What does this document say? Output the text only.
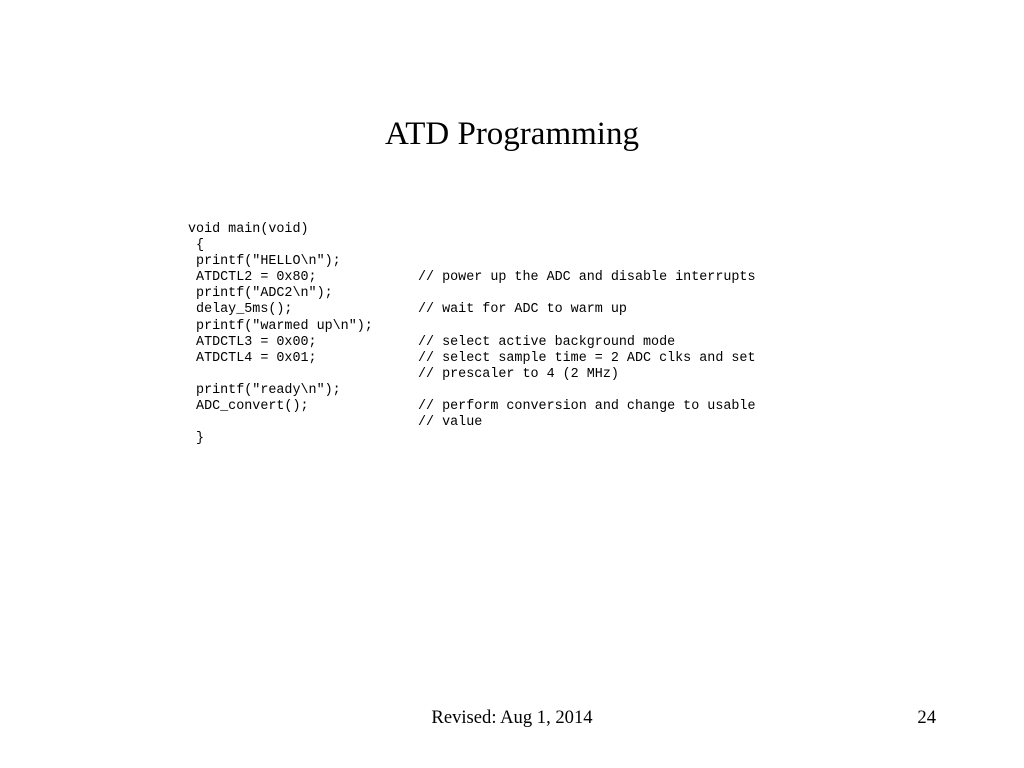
ATD Programming

void main(void)

{

printf("HELLO\n");

ATDCTL2 = 0x80;

	// power up the ADC and disable interrupts

printf("ADC2\n");

delay_5ms();

	// wait for ADC to warm up

printf("warmed up\n");

ATDCTL3 = 0x00;

	// select active background mode

ATDCTL4 = 0x01;

	// select sample time = 2 ADC clks and set

// prescaler to 4 (2 MHz)

printf("ready\n");

ADC_convert();

	// perform conversion and change to usable

// value

}

Revised: Aug 1, 2014	24
